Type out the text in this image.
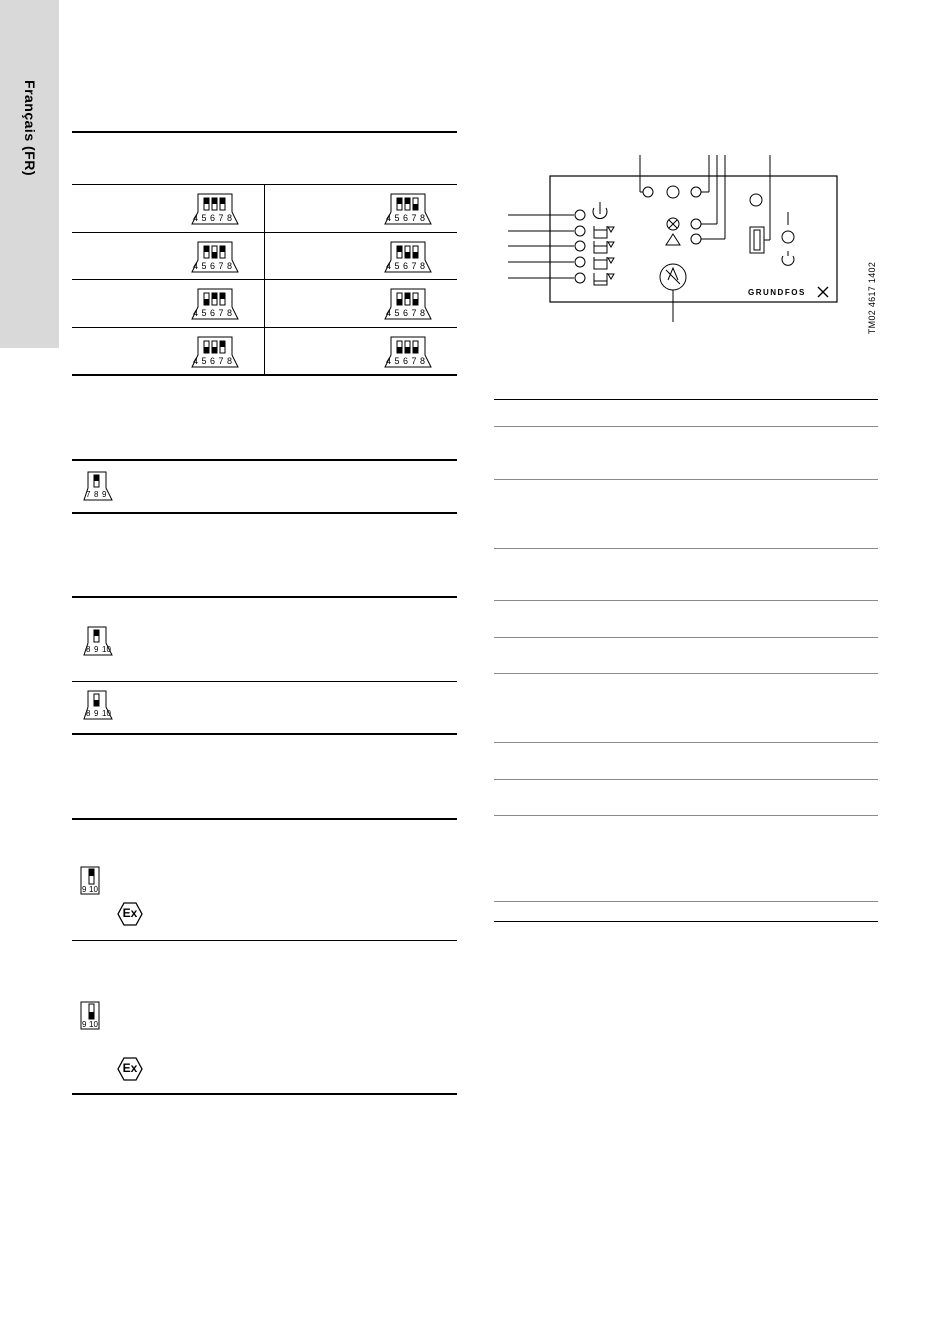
Français (FR)
Ex
Ex
GRUNDFOS	TM02 4617 1402
4 5 6 7 8	4 5 6 7 8
4 5 6 7 8	4 5 6 7 8
4 5 6 7 8	4 5 6 7 8
4 5 6 7 8	4 5 6 7 8
7 8 9
8 9 10
8 9 10
9 10
9 10
